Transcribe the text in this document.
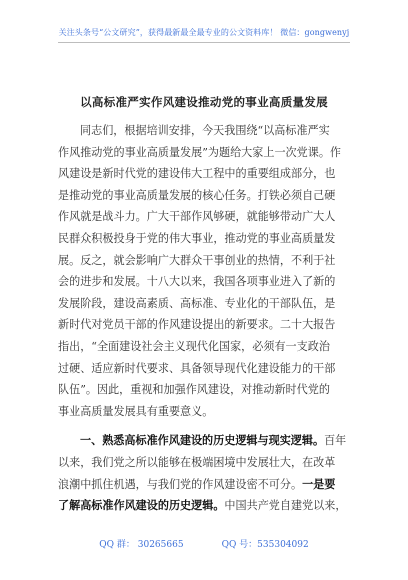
关注头条号“公文研究”，获得最新最全最专业的公文资料库！ 微信：gongwenyj
以高标准严实作风建设推动党的事业高质量发展
同志们，根据培训安排，今天我围绕“以高标准严实
作风推动党的事业高质量发展”为题给大家上一次党课。作
风建设是新时代党的建设伟大工程中的重要组成部分，也
是推动党的事业高质量发展的核心任务。打铁必须自己硬
作风就是战斗力。广大干部作风够硬，就能够带动广大人
民群众积极投身于党的伟大事业，推动党的事业高质量发
展。反之，就会影响广大群众干事创业的热情，不利于社
会的进步和发展。十八大以来，我国各项事业进入了新的
发展阶段，建设高素质、高标准、专业化的干部队伍，是
新时代对党员干部的作风建设提出的新要求。二十大报告
指出，“全面建设社会主义现代化国家，必须有一支政治
过硬、适应新时代要求、具备领导现代化建设能力的干部
队伍”。因此，重视和加强作风建设，对推动新时代党的
事业高质量发展具有重要意义。
一、熟悉高标准作风建设的历史逻辑与现实逻辑。百年
以来，我们党之所以能够在极端困境中发展壮大，在改革
浪潮中抓住机遇，与我们党的作风建设密不可分。一是要
了解高标准作风建设的历史逻辑。中国共产党自建党以来，
QQ 群： 30265665	QQ 号：535304092
